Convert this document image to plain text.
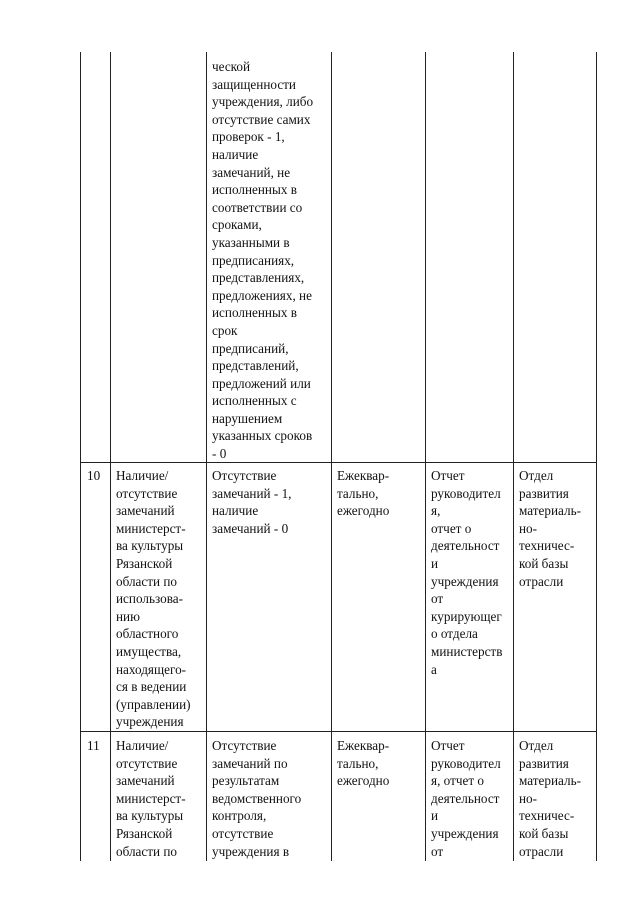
ческой
защищенности
учреждения, либо
отсутствие самих
проверок - 1,
наличие
замечаний, не
исполненных в
соответствии со
сроками,
указанными в
предписаниях,
представлениях,
предложениях, не
исполненных в
срок
предписаний,
представлений,
предложений или
исполненных с
нарушением
указанных сроков
- 0
10 Наличие/
отсутствие
замечаний
министерст-
ва культуры
Рязанской
области по
использова-
нию
областного
имущества,
находящего-
ся в ведении
(управлении)
учреждения
Отсутствие
замечаний - 1,
наличие
замечаний - 0
Ежеквар-
тально,
ежегодно
Отчет
руководител
я,
отчет о
деятельност
и
учреждения
от
курирующег
о отдела
министерств
а
Отдел
развития
материаль-
но-
техничес-
кой базы
отрасли
11 Наличие/
отсутствие
замечаний
министерст-
ва культуры
Рязанской
области по
Отсутствие
замечаний по
результатам
ведомственного
контроля,
отсутствие
учреждения в
Ежеквар-
тально,
ежегодно
Отчет
руководител
я, отчет о
деятельност
и
учреждения
от
Отдел
развития
материаль-
но-
техничес-
кой базы
отрасли
